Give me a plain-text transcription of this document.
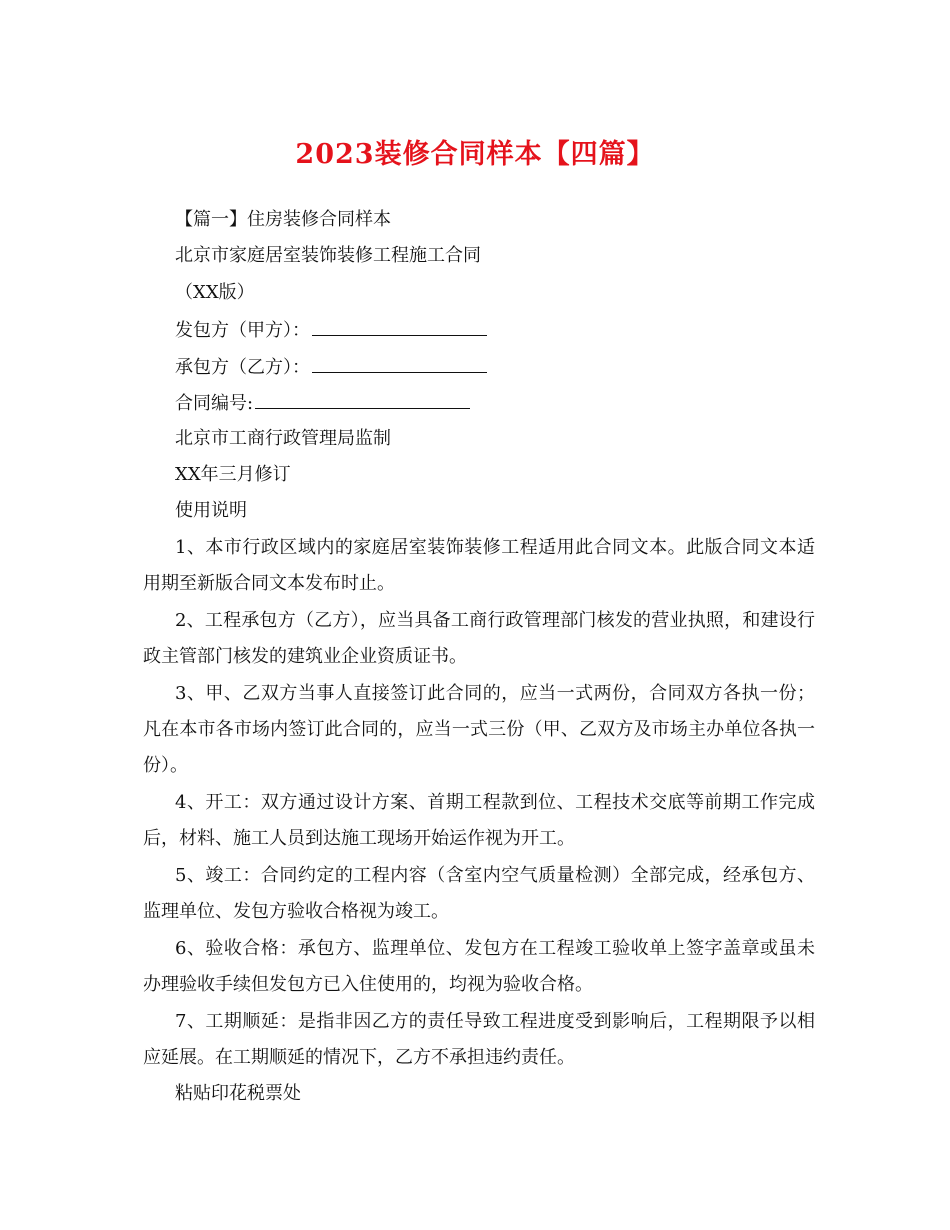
2023装修合同样本【四篇】
【篇一】住房装修合同样本
北京市家庭居室装饰装修工程施工合同
（XX版）
发包方（甲方）：
承包方（乙方）：
合同编号:
北京市工商行政管理局监制
XX年三月修订
使用说明
1、本市行政区域内的家庭居室装饰装修工程适用此合同文本。此版合同文本适用期至新版合同文本发布时止。
2、工程承包方（乙方），应当具备工商行政管理部门核发的营业执照，和建设行政主管部门核发的建筑业企业资质证书。
3、甲、乙双方当事人直接签订此合同的，应当一式两份，合同双方各执一份；凡在本市各市场内签订此合同的，应当一式三份（甲、乙双方及市场主办单位各执一份）。
4、开工：双方通过设计方案、首期工程款到位、工程技术交底等前期工作完成后，材料、施工人员到达施工现场开始运作视为开工。
5、竣工：合同约定的工程内容（含室内空气质量检测）全部完成，经承包方、监理单位、发包方验收合格视为竣工。
6、验收合格：承包方、监理单位、发包方在工程竣工验收单上签字盖章或虽未办理验收手续但发包方已入住使用的，均视为验收合格。
7、工期顺延：是指非因乙方的责任导致工程进度受到影响后，工程期限予以相应延展。在工期顺延的情况下，乙方不承担违约责任。
粘贴印花税票处
